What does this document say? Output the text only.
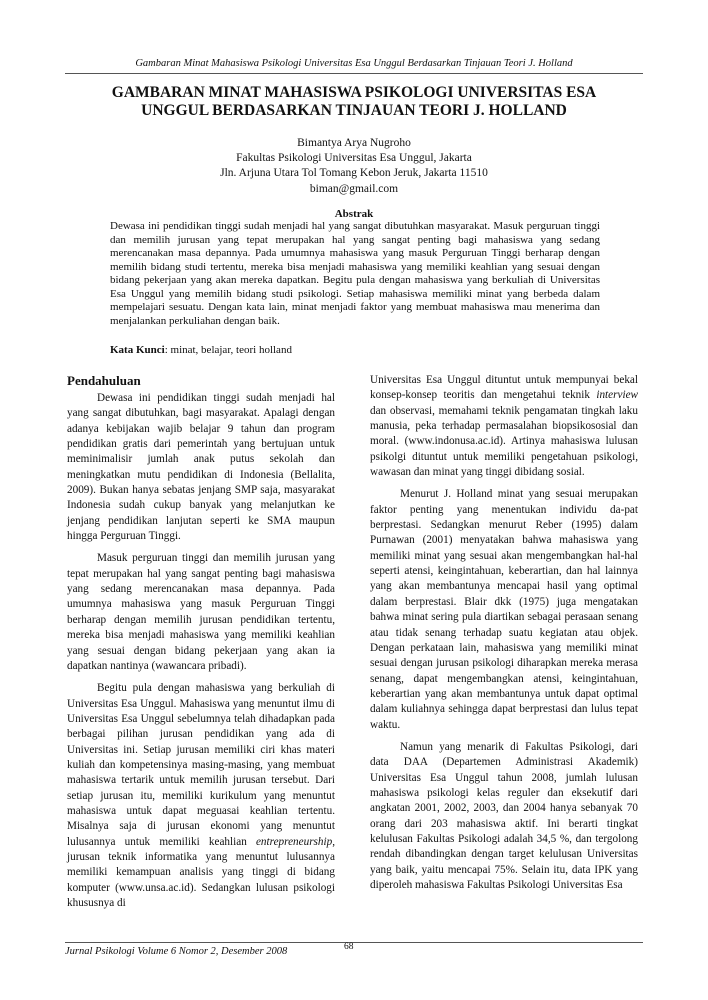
Gambaran Minat Mahasiswa Psikologi Universitas Esa Unggul Berdasarkan Tinjauan Teori J. Holland
GAMBARAN MINAT MAHASISWA PSIKOLOGI UNIVERSITAS ESA
UNGGUL BERDASARKAN TINJAUAN TEORI J. HOLLAND
Bimantya Arya Nugroho
Fakultas Psikologi Universitas Esa Unggul, Jakarta
Jln. Arjuna Utara Tol Tomang Kebon Jeruk, Jakarta 11510
biman@gmail.com
Abstrak

Dewasa ini pendidikan tinggi sudah menjadi hal yang sangat dibutuhkan masyarakat. Masuk perguruan tinggi dan memilih jurusan yang tepat merupakan hal yang sangat penting bagi mahasiswa yang sedang merencanakan masa depannya. Pada umumnya mahasiswa yang masuk Perguruan Tinggi berharap dengan memilih bidang studi tertentu, mereka bisa menjadi mahasiswa yang memiliki keahlian yang sesuai dengan bidang pekerjaan yang akan mereka dapatkan. Begitu pula dengan mahasiswa yang berkuliah di Universitas Esa Unggul yang memilih bidang studi psikologi. Setiap mahasiswa memiliki minat yang berbeda dalam mempelajari sesuatu. Dengan kata lain, minat menjadi faktor yang membuat mahasiswa mau menerima dan menjalankan perkuliahan dengan baik.

Kata Kunci: minat, belajar, teori holland
Pendahuluan

Dewasa ini pendidikan tinggi sudah menjadi hal yang sangat dibutuhkan, bagi masyarakat. Apalagi dengan adanya kebijakan wajib belajar 9 tahun dan program pendidikan gratis dari pemerintah yang bertujuan untuk meminimalisir jumlah anak putus sekolah dan meningkatkan mutu pendidikan di Indonesia (Bellalita, 2009). Bukan hanya sebatas jenjang SMP saja, masyarakat Indonesia sudah cukup banyak yang melanjutkan ke jenjang pendidikan lanjutan seperti ke SMA maupun hingga Perguruan Tinggi.

Masuk perguruan tinggi dan memilih jurusan yang tepat merupakan hal yang sangat penting bagi mahasiswa yang sedang merencanakan masa depannya. Pada umumnya mahasiswa yang masuk Perguruan Tinggi berharap dengan memilih jurusan pendidikan tertentu, mereka bisa menjadi mahasiswa yang memiliki keahlian yang sesuai dengan bidang pekerjaan yang akan ia dapatkan nantinya (wawancara pribadi).

Begitu pula dengan mahasiswa yang berkuliah di Universitas Esa Unggul. Mahasiswa yang menuntut ilmu di Universitas Esa Unggul sebelumnya telah dihadapkan pada berbagai pilihan jurusan pendidikan yang ada di Universitas ini. Setiap jurusan memiliki ciri khas materi kuliah dan kompetensinya masing-masing, yang membuat mahasiswa tertarik untuk memilih jurusan tersebut. Dari setiap jurusan itu, memiliki kurikulum yang menuntut mahasiswa untuk dapat meguasai keahlian tertentu. Misalnya saja di jurusan ekonomi yang menuntut lulusannya untuk memiliki keahlian entrepreneurship, jurusan teknik informatika yang menuntut lulusannya memiliki kemampuan analisis yang tinggi di bidang komputer (www.unsa.ac.id). Sedangkan lulusan psikologi khususnya di

Universitas Esa Unggul dituntut untuk mempunyai bekal konsep-konsep teoritis dan mengetahui teknik interview dan observasi, memahami teknik pengamatan tingkah laku manusia, peka terhadap permasalahan biopsikososial dan moral. (www.indonusa.ac.id). Artinya mahasiswa lulusan psikolgi dituntut untuk memiliki pengetahuan psikologi, wawasan dan minat yang tinggi dibidang sosial.

Menurut J. Holland minat yang sesuai merupakan faktor penting yang menentukan individu da-pat berprestasi. Sedangkan menurut Reber (1995) dalam Purnawan (2001) menyatakan bahwa mahasiswa yang memiliki minat yang sesuai akan mengembangkan hal-hal seperti atensi, keingintahuan, keberartian, dan hal lainnya yang akan membantunya mencapai hasil yang optimal dalam berprestasi. Blair dkk (1975) juga mengatakan bahwa minat sering pula diartikan sebagai perasaan senang atau tidak senang terhadap suatu kegiatan atau objek. Dengan perkataan lain, mahasiswa yang memiliki minat sesuai dengan jurusan psikologi diharapkan mereka merasa senang, dapat mengembangkan atensi, keingintahuan, keberartian yang akan membantunya untuk dapat optimal dalam kuliahnya sehingga dapat berprestasi dan lulus tepat waktu.

Namun yang menarik di Fakultas Psikologi, dari data DAA (Departemen Administrasi Akademik) Universitas Esa Unggul tahun 2008, jumlah lulusan mahasiswa psikologi kelas reguler dan eksekutif dari angkatan 2001, 2002, 2003, dan 2004 hanya sebanyak 70 orang dari 203 mahasiswa aktif. Ini berarti tingkat kelulusan Fakultas Psikologi adalah 34,5 %, dan tergolong rendah dibandingkan dengan target kelulusan Universitas yang baik, yaitu mencapai 75%. Selain itu, data IPK yang diperoleh mahasiswa Fakultas Psikologi Universitas Esa

Jurnal Psikologi Volume 6 Nomor 2, Desember 2008	68
